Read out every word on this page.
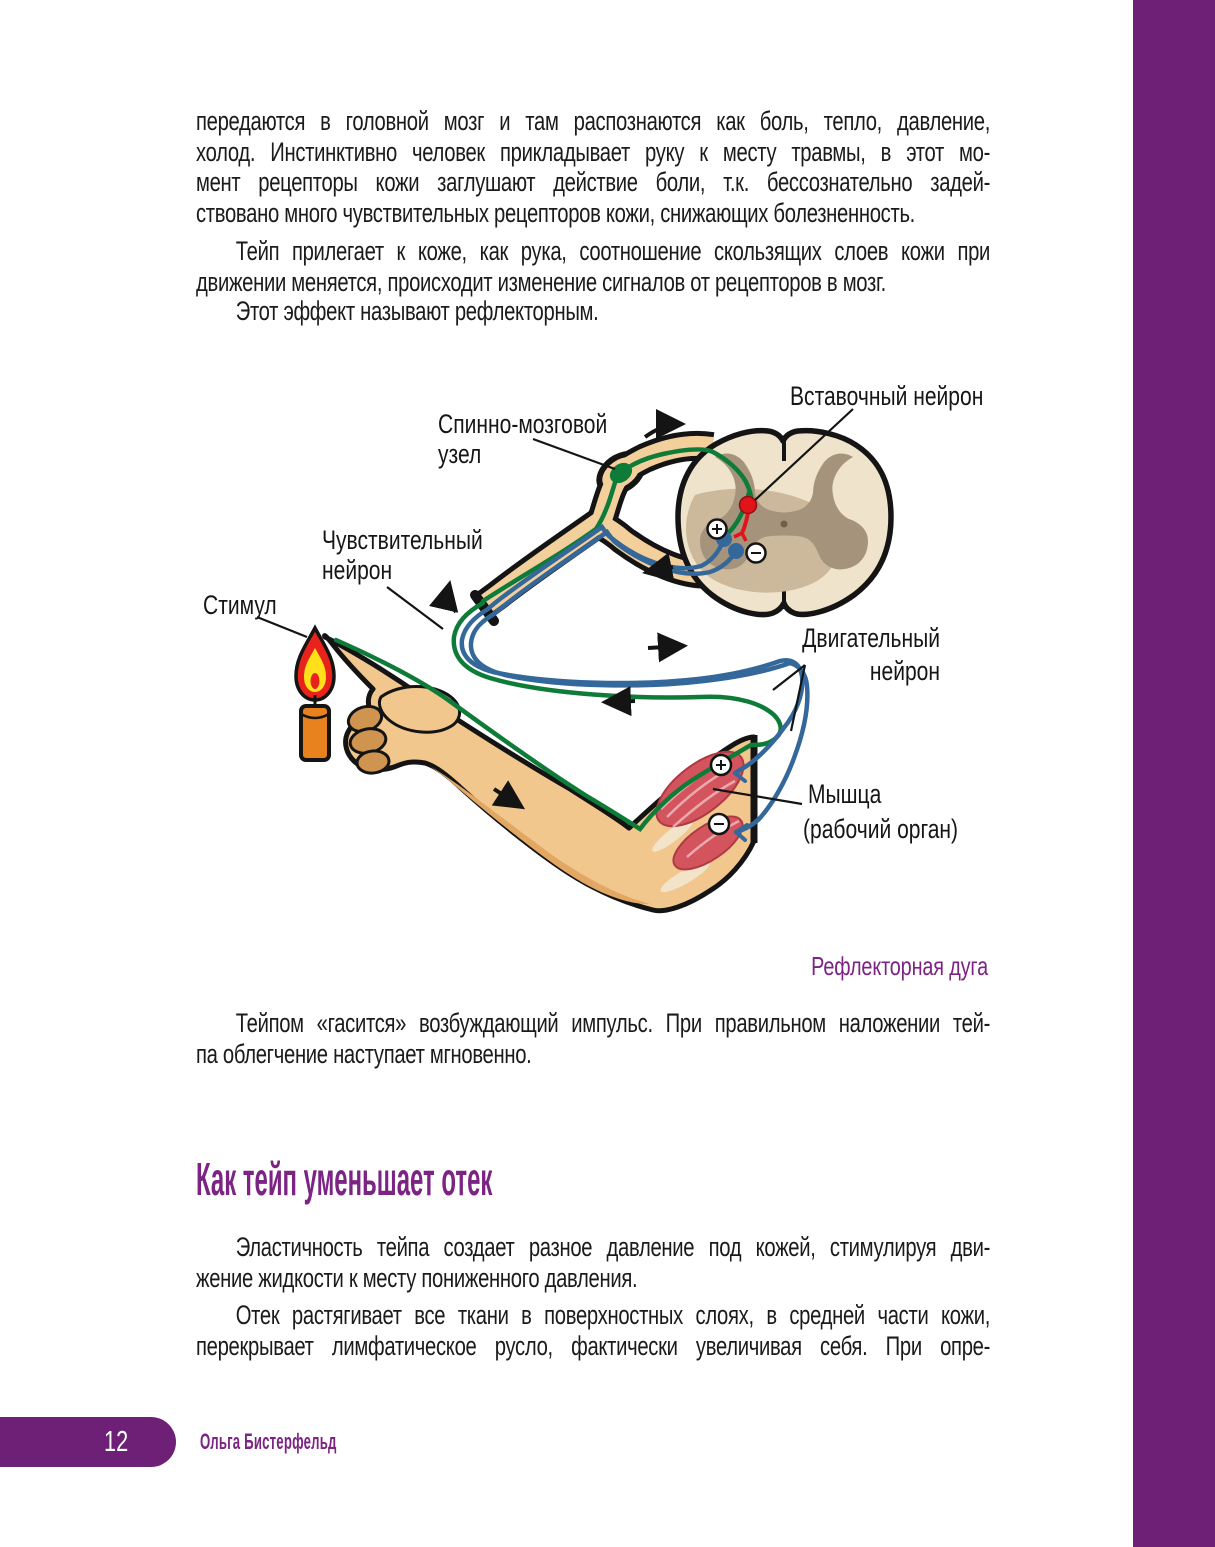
передаются в головной мозг и там распознаются как боль, тепло, давление,
холод. Инстинктивно человек прикладывает руку к месту травмы, в этот мо-
мент рецепторы кожи заглушают действие боли, т.к. бессознательно задей-
ствовано много чувствительных рецепторов кожи, снижающих болезненность.
Тейп прилегает к коже, как рука, соотношение скользящих слоев кожи при
движении меняется, происходит изменение сигналов от рецепторов в мозг.
Этот эффект называют рефлекторным.
Вставочный нейрон
Спинно-мозговой
узел
Чувствительный
нейрон
Стимул
Двигательный
нейрон
Мышца
(рабочий орган)
Рефлекторная дуга
Тейпом «гасится» возбуждающий импульс. При правильном наложении тей-
па облегчение наступает мгновенно.
Как тейп уменьшает отек
Эластичность тейпа создает разное давление под кожей, стимулируя дви-
жение жидкости к месту пониженного давления.
Отек растягивает все ткани в поверхностных слоях, в средней части кожи,
перекрывает лимфатическое русло, фактически увеличивая себя. При опре-
12	Ольга Бистерфельд
